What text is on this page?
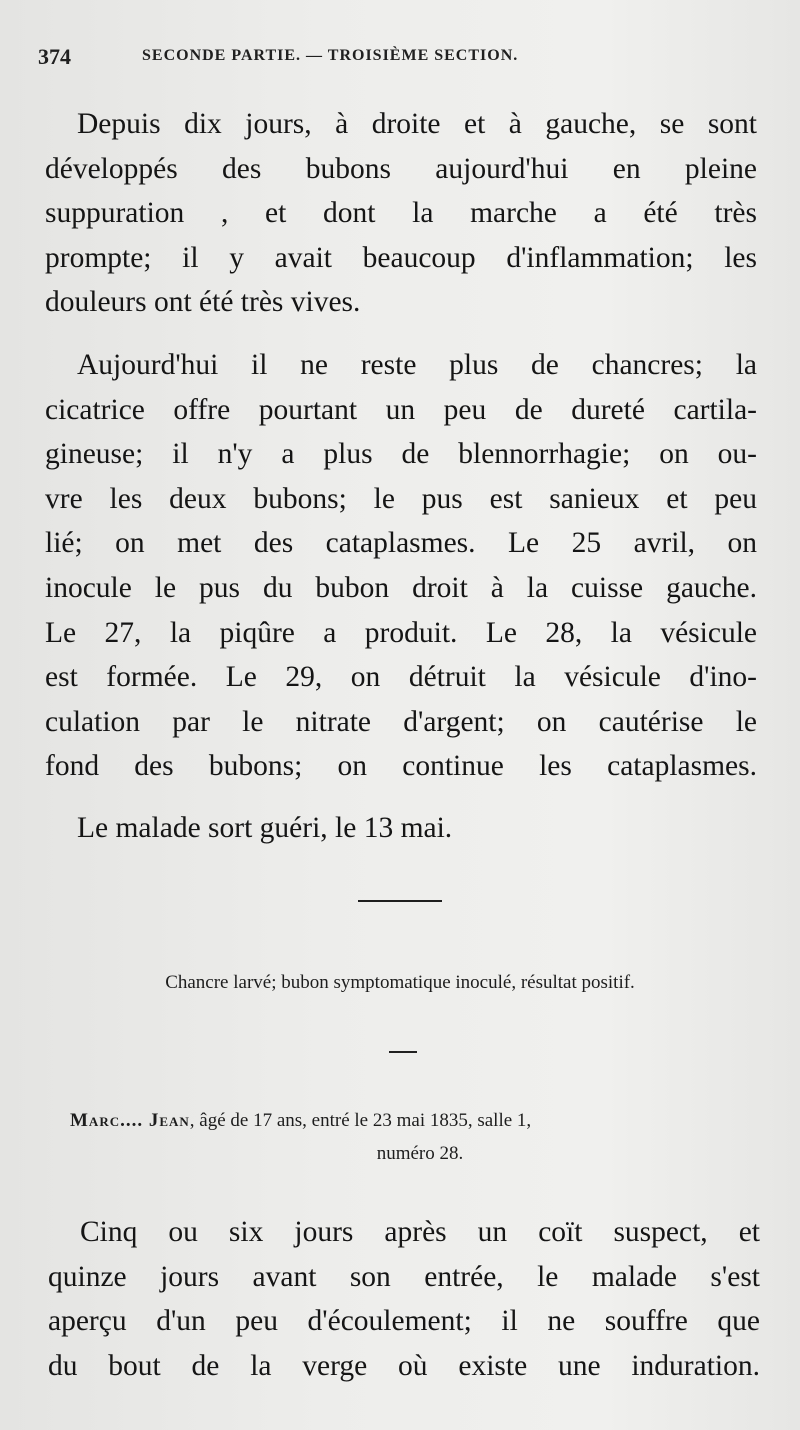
374	SECONDE PARTIE. — TROISIÈME SECTION.
Depuis dix jours, à droite et à gauche, se sont
développés des bubons aujourd'hui en pleine
suppuration , et dont la marche a été très
prompte; il y avait beaucoup d'inflammation; les
douleurs ont été très vives.
Aujourd'hui il ne reste plus de chancres; la
cicatrice offre pourtant un peu de dureté cartila-
gineuse; il n'y a plus de blennorrhagie; on ou-
vre les deux bubons; le pus est sanieux et peu
lié; on met des cataplasmes. Le 25 avril, on
inocule le pus du bubon droit à la cuisse gauche.
Le 27, la piqûre a produit. Le 28, la vésicule
est formée. Le 29, on détruit la vésicule d'ino-
culation par le nitrate d'argent; on cautérise le
fond des bubons; on continue les cataplasmes.
Le malade sort guéri, le 13 mai.
Chancre larvé; bubon symptomatique inoculé, résultat positif.
Marc.... Jean, âgé de 17 ans, entré le 23 mai 1835, salle 1,
numéro 28.
Cinq ou six jours après un coït suspect, et
quinze jours avant son entrée, le malade s'est
aperçu d'un peu d'écoulement; il ne souffre que
du bout de la verge où existe une induration.
